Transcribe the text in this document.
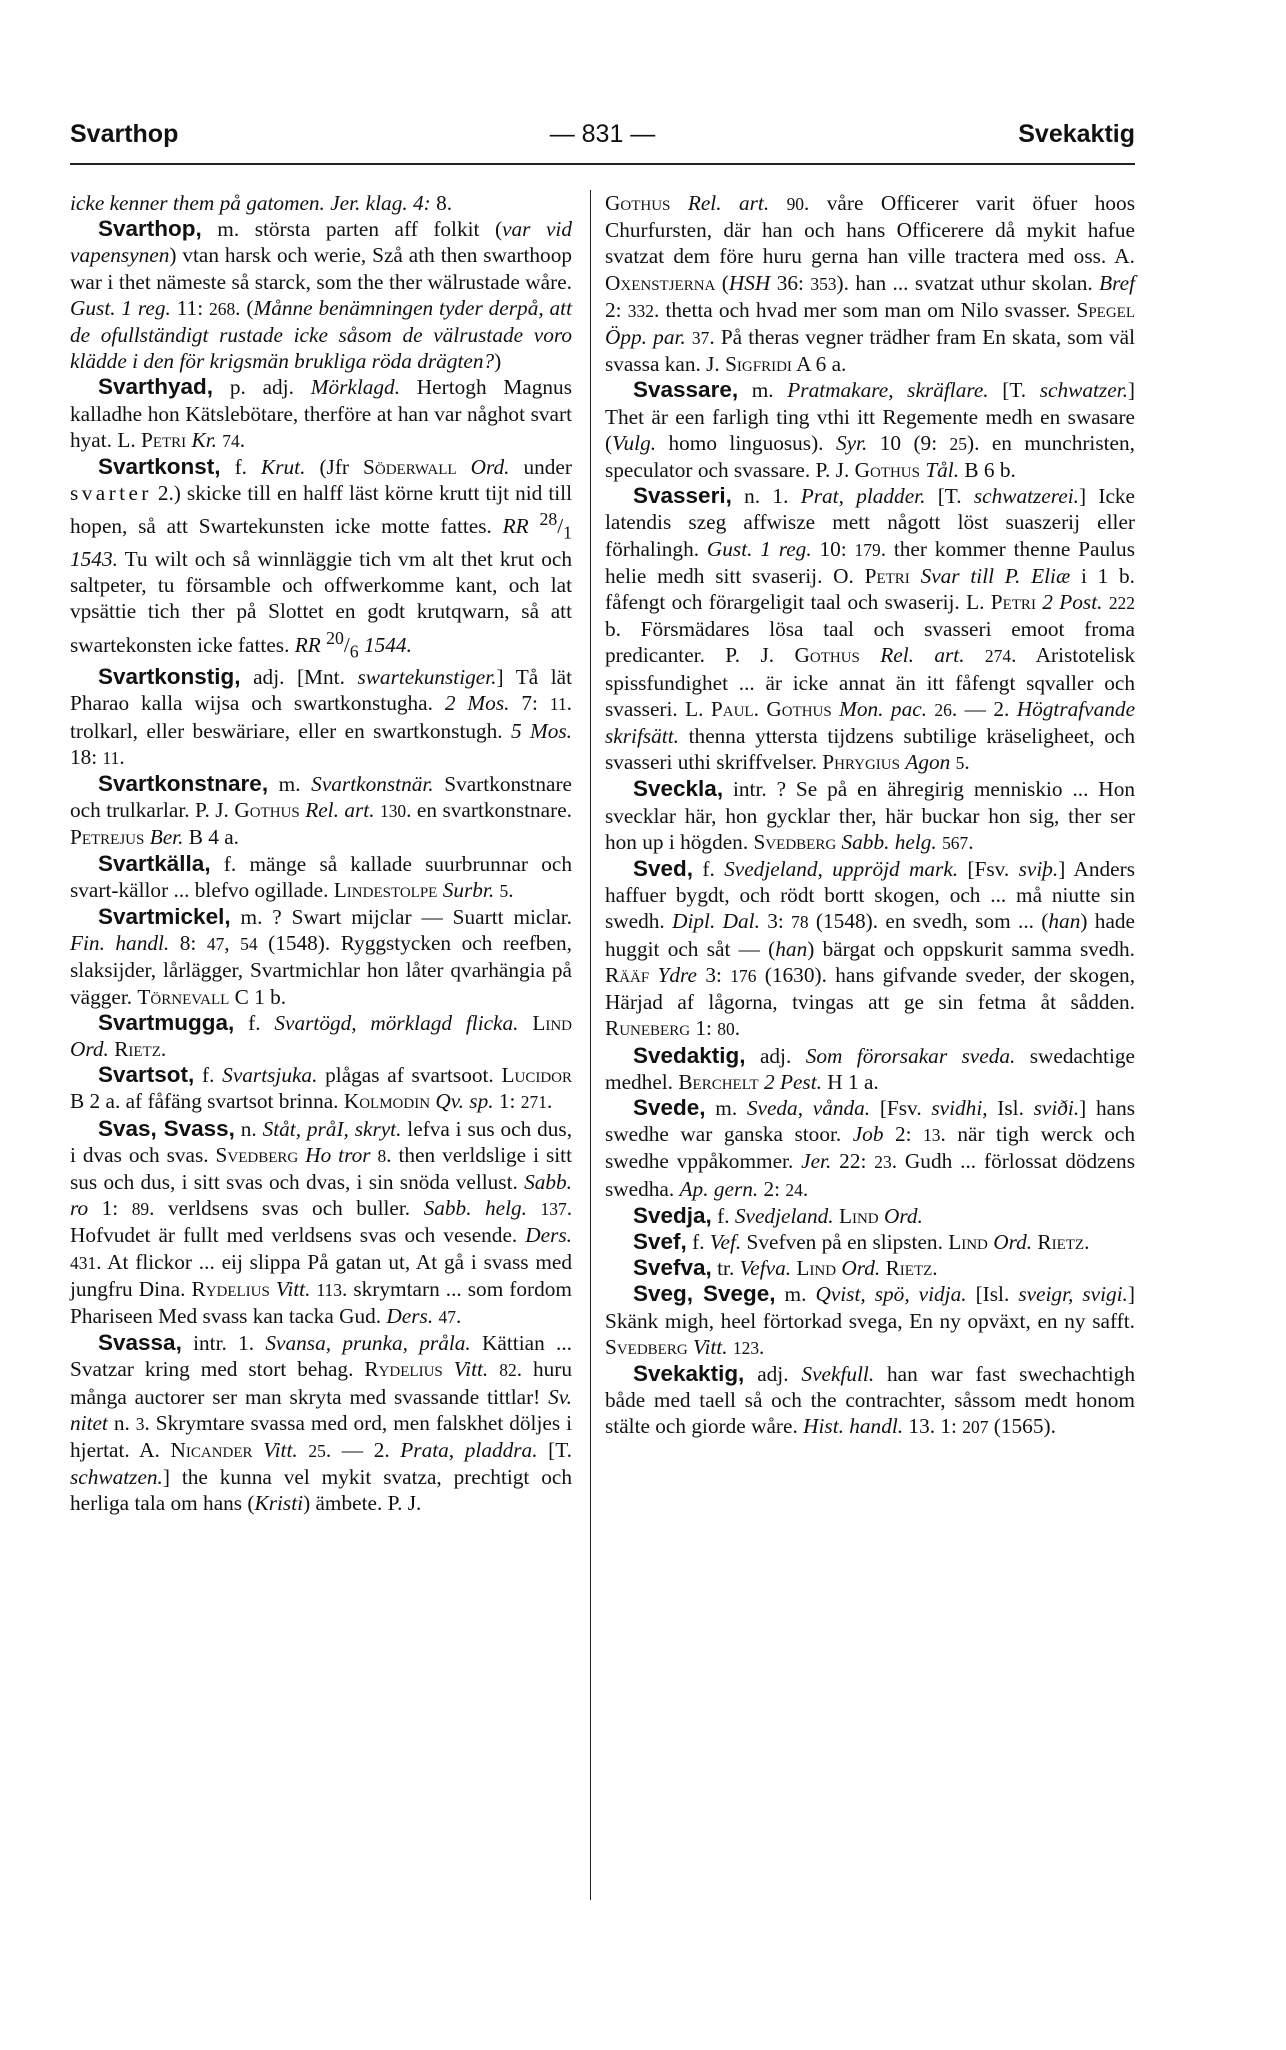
— 831 —
Svarthop	Svekaktig

icke kenner them på gatomen. Jer. klag. 4: 8.

Svarthop, m. största parten aff folkit (var vid vapensynen) vtan harsk och werie, Szå ath then swarthoop war i thet nämeste så starck, som the ther wälrustade wåre. Gust. 1 reg. 11: 268. (Månne benämningen tyder derpå, att de ofullständigt rustade icke såsom de välrustade voro klädde i den för krigsmän brukliga röda drägten?)

Svarthyad, p. adj. Mörklagd. Hertogh Magnus kalladhe hon Kätslebötare, therföre at han var någhot svart hyat. L. Petri Kr. 74.

Svartkonst, f. Krut. (Jfr Söderwall Ord. under svarter 2.) skicke till en halff läst körne krutt tijt nid till hopen, så att Swartekunsten icke motte fattes. RR $^{28}/_1$ 1543. Tu wilt och så winnläggie tich vm alt thet krut och saltpeter, tu församble och offwerkomme kant, och lat vpsättie tich ther på Slottet en godt krutqwarn, så att swartekonsten icke fattes. RR $^{20}/_6$ 1544.

Svartkonstig, adj. [Mnt. swartekunstiger.] Tå lät Pharao kalla wijsa och swartkonstugha. 2 Mos. 7: 11. trolkarl, eller beswäriare, eller en swartkonstugh. 5 Mos. 18: 11.

Svartkonstnare, m. Svartkonstnär. Svartkonstnare och trulkarlar. P. J. Gothus Rel. art. 130. en svartkonstnare. Petrejus Ber. B 4 a.

Svartkälla, f. mänge så kallade suurbrunnar och svart-källor ... blefvo ogillade. Lindestolpe Surbr. 5.

Svartmickel, m. ? Swart mijclar — Suartt miclar. Fin. handl. 8: 47, 54 (1548). Ryggstycken och reefben, slaksijder, lårlägger, Svartmichlar hon låter qvarhängia på vägger. Törnevall C 1 b.

Svartmugga, f. Svartögd, mörklagd flicka. Lind Ord. Rietz.

Svartsot, f. Svartsjuka. plågas af svartsoot. Lucidor B 2 a. af fåfäng svartsot brinna. Kolmodin Qv. sp. 1: 271.

Svas, Svass, n. Ståt, pråI, skryt. lefva i sus och dus, i dvas och svas. Svedberg Ho tror 8. then verldslige i sitt sus och dus, i sitt svas och dvas, i sin snöda vellust. Sabb. ro 1: 89. verldsens svas och buller. Sabb. helg. 137. Hofvudet är fullt med verldsens svas och vesende. Ders. 431. At flickor ... eij slippa På gatan ut, At gå i svass med jungfru Dina. Rydelius Vitt. 113. skrymtarn ... som fordom Phariseen Med svass kan tacka Gud. Ders. 47.

Svassa, intr. 1. Svansa, prunka, pråla. Kättian ... Svatzar kring med stort behag. Rydelius Vitt. 82. huru många auctorer ser man skryta med svassande tittlar! Sv. nitet n. 3. Skrymtare svassa med ord, men falskhet döljes i hjertat. A. Nicander Vitt. 25. — 2. Prata, pladdra. [T. schwatzen.] the kunna vel mykit svatza, prechtigt och herliga tala om hans (Kristi) ämbete. P. J.

Gothus Rel. art. 90. våre Officerer varit öfuer hoos Churfursten, där han och hans Officerere då mykit hafue svatzat dem före huru gerna han ville tractera med oss. A. Oxenstjerna (HSH 36: 353). han ... svatzat uthur skolan. Bref 2: 332. thetta och hvad mer som man om Nilo svasser. Spegel Öpp. par. 37. På theras vegner trädher fram En skata, som väl svassa kan. J. Sigfridi A 6 a.

Svassare, m. Pratmakare, skräflare. [T. schwatzer.] Thet är een farligh ting vthi itt Regemente medh en swasare (Vulg. homo linguosus). Syr. 10 (9: 25). en munchristen, speculator och svassare. P. J. Gothus Tål. B 6 b.

Svasseri, n. 1. Prat, pladder. [T. schwatzerei.] Icke latendis szeg affwisze mett någott löst suaszerij eller förhalingh. Gust. 1 reg. 10: 179. ther kommer thenne Paulus helie medh sitt svaserij. O. Petri Svar till P. Eliæ i 1 b. fåfengt och förargeligit taal och swaserij. L. Petri 2 Post. 222 b. Försmädares lösa taal och svasseri emoot froma predicanter. P. J. Gothus Rel. art. 274. Aristotelisk spissfundighet ... är icke annat än itt fåfengt sqvaller och svasseri. L. Paul. Gothus Mon. pac. 26. — 2. Högtrafvande skrifsätt. thenna yttersta tijdzens subtilige kräseligheet, och svasseri uthi skriffvelser. Phrygius Agon 5.

Sveckla, intr. ? Se på en ähregirig menniskio ... Hon svecklar här, hon gycklar ther, här buckar hon sig, ther ser hon up i högden. Svedberg Sabb. helg. 567.

Sved, f. Svedjeland, uppröjd mark. [Fsv. sviþ.] Anders haffuer bygdt, och rödt bortt skogen, och ... må niutte sin swedh. Dipl. Dal. 3: 78 (1548). en svedh, som ... (han) hade huggit och såt — (han) bärgat och oppskurit samma svedh. Rääf Ydre 3: 176 (1630). hans gifvande sveder, der skogen, Härjad af lågorna, tvingas att ge sin fetma åt sådden. Runeberg 1: 80.

Svedaktig, adj. Som förorsakar sveda. swedachtige medhel. Berchelt 2 Pest. H 1 a.

Svede, m. Sveda, vånda. [Fsv. svidhi, Isl. sviði.] hans swedhe war ganska stoor. Job 2: 13. när tigh werck och swedhe vppåkommer. Jer. 22: 23. Gudh ... förlossat dödzens swedha. Ap. gern. 2: 24.

Svedja, f. Svedjeland. Lind Ord.

Svef, f. Vef. Svefven på en slipsten. Lind Ord. Rietz.

Svefva, tr. Vefva. Lind Ord. Rietz.

Sveg, Svege, m. Qvist, spö, vidja. [Isl. sveigr, svigi.] Skänk migh, heel förtorkad svega, En ny opväxt, en ny safft. Svedberg Vitt. 123.

Svekaktig, adj. Svekfull. han war fast swechachtigh både med taell så och the contrachter, såssom medt honom stälte och giorde wåre. Hist. handl. 13. 1: 207 (1565).
